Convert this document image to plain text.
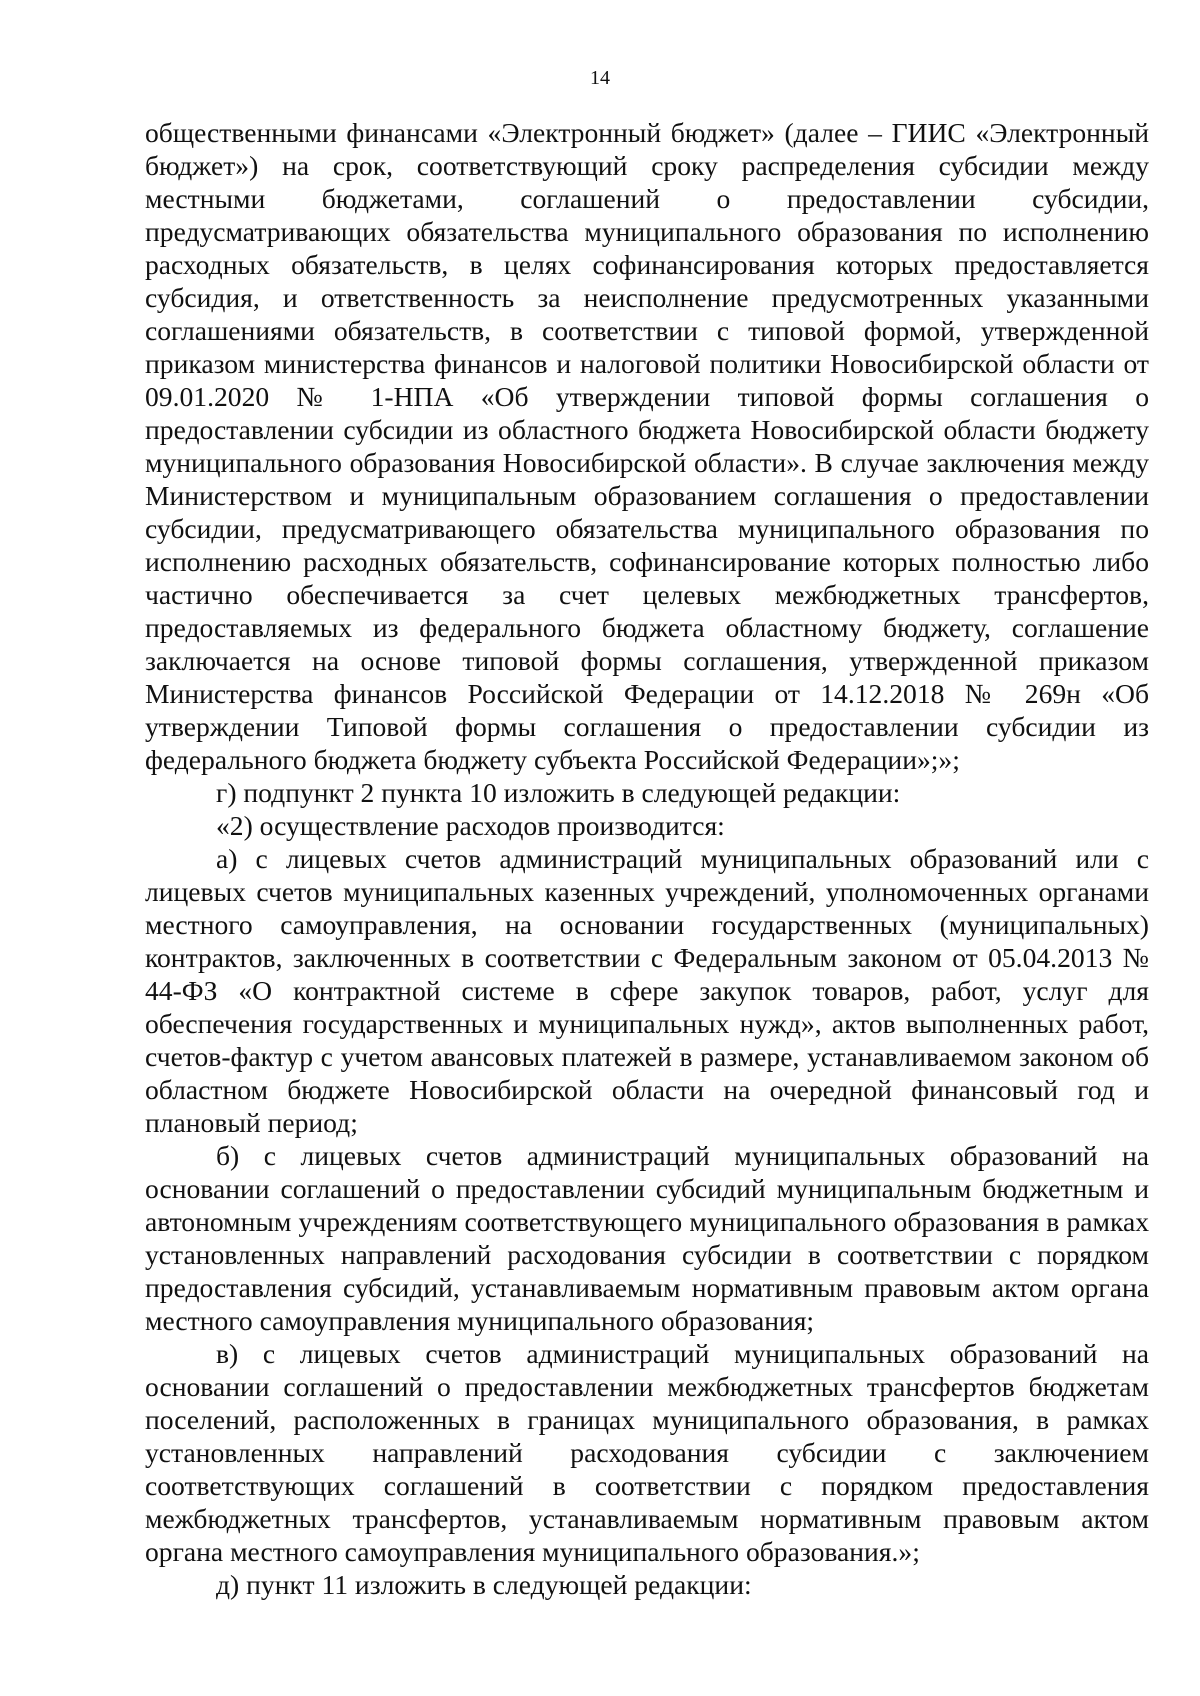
14

общественными финансами «Электронный бюджет» (далее – ГИИС «Электронный бюджет») на срок, соответствующий сроку распределения субсидии между местными бюджетами, соглашений о предоставлении субсидии, предусматривающих обязательства муниципального образования по исполнению расходных обязательств, в целях софинансирования которых предоставляется субсидия, и ответственность за неисполнение предусмотренных указанными соглашениями обязательств, в соответствии с типовой формой, утвержденной приказом министерства финансов и налоговой политики Новосибирской области от 09.01.2020 № 1-НПА «Об утверждении типовой формы соглашения о предоставлении субсидии из областного бюджета Новосибирской области бюджету муниципального образования Новосибирской области». В случае заключения между Министерством и муниципальным образованием соглашения о предоставлении субсидии, предусматривающего обязательства муниципального образования по исполнению расходных обязательств, софинансирование которых полностью либо частично обеспечивается за счет целевых межбюджетных трансфертов, предоставляемых из федерального бюджета областному бюджету, соглашение заключается на основе типовой формы соглашения, утвержденной приказом Министерства финансов Российской Федерации от 14.12.2018 № 269н «Об утверждении Типовой формы соглашения о предоставлении субсидии из федерального бюджета бюджету субъекта Российской Федерации»;»;

г) подпункт 2 пункта 10 изложить в следующей редакции:

«2) осуществление расходов производится:

а) с лицевых счетов администраций муниципальных образований или с лицевых счетов муниципальных казенных учреждений, уполномоченных органами местного самоуправления, на основании государственных (муниципальных) контрактов, заключенных в соответствии с Федеральным законом от 05.04.2013 № 44-ФЗ «О контрактной системе в сфере закупок товаров, работ, услуг для обеспечения государственных и муниципальных нужд», актов выполненных работ, счетов-фактур с учетом авансовых платежей в размере, устанавливаемом законом об областном бюджете Новосибирской области на очередной финансовый год и плановый период;

б) с лицевых счетов администраций муниципальных образований на основании соглашений о предоставлении субсидий муниципальным бюджетным и автономным учреждениям соответствующего муниципального образования в рамках установленных направлений расходования субсидии в соответствии с порядком предоставления субсидий, устанавливаемым нормативным правовым актом органа местного самоуправления муниципального образования;

в) с лицевых счетов администраций муниципальных образований на основании соглашений о предоставлении межбюджетных трансфертов бюджетам поселений, расположенных в границах муниципального образования, в рамках установленных направлений расходования субсидии с заключением соответствующих соглашений в соответствии с порядком предоставления межбюджетных трансфертов, устанавливаемым нормативным правовым актом органа местного самоуправления муниципального образования.»;

д) пункт 11 изложить в следующей редакции:
